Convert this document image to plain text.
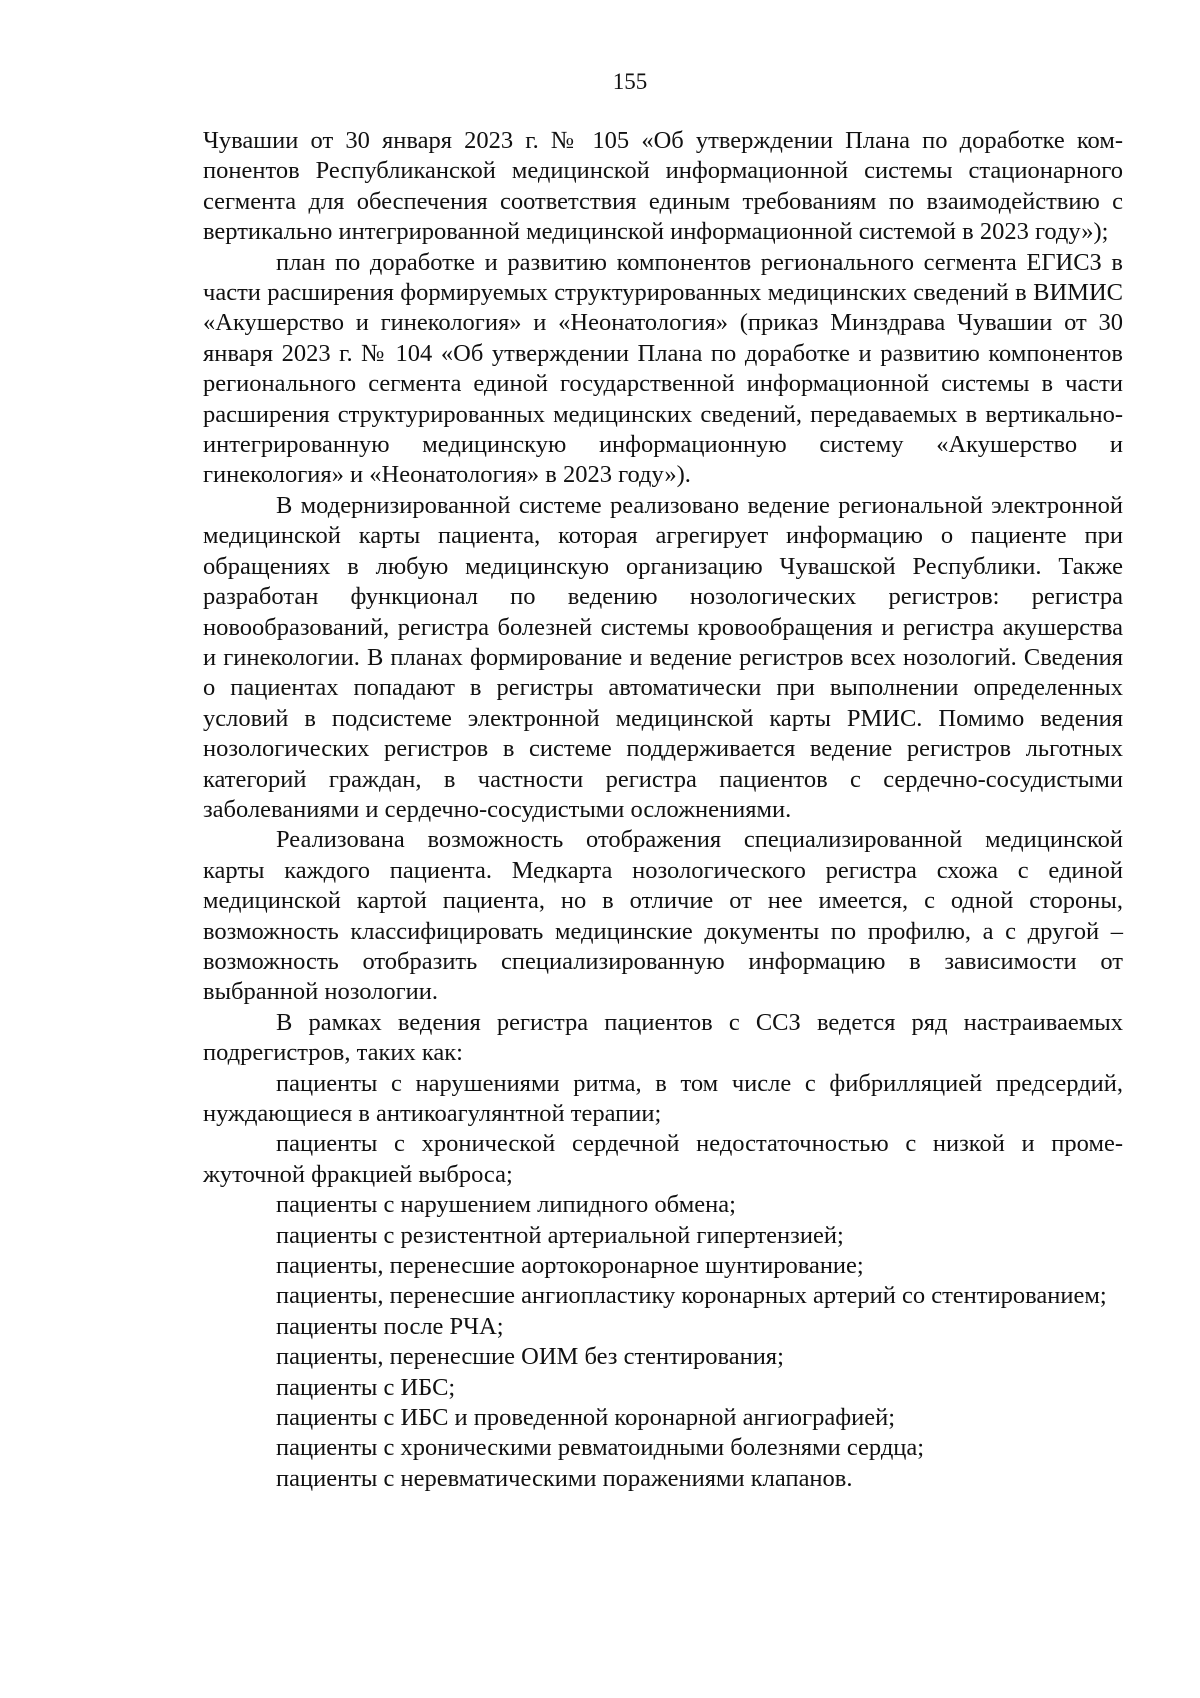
155

Чувашии от 30 января 2023 г. № 105 «Об утверждении Плана по доработке компонентов Республиканской медицинской информационной системы стационарного сегмента для обеспечения соответствия единым требованиям по взаимодействию с вертикально интегрированной медицинской информационной системой в 2023 году»);

план по доработке и развитию компонентов регионального сегмента ЕГИСЗ в части расширения формируемых структурированных медицинских сведений в ВИМИС «Акушерство и гинекология» и «Неонатология» (приказ Минздрава Чувашии от 30 января 2023 г. № 104 «Об утверждении Плана по доработке и развитию компонентов регионального сегмента единой государственной информационной системы в части расширения структурированных медицинских сведений, передаваемых в вертикально-интегрированную медицинскую информационную систему «Акушерство и гинекология» и «Неонатология» в 2023 году»).

В модернизированной системе реализовано ведение региональной электронной медицинской карты пациента, которая агрегирует информацию о пациенте при обращениях в любую медицинскую организацию Чувашской Республики. Также разработан функционал по ведению нозологических регистров: регистра новообразований, регистра болезней системы кровообращения и регистра акушерства и гинекологии. В планах формирование и ведение регистров всех нозологий. Сведения о пациентах попадают в регистры автоматически при выполнении определенных условий в подсистеме электронной медицинской карты РМИС. Помимо ведения нозологических регистров в системе поддерживается ведение регистров льготных категорий граждан, в частности регистра пациентов с сердечно-сосудистыми заболеваниями и сердечно-сосудистыми осложнениями.

Реализована возможность отображения специализированной медицинской карты каждого пациента. Медкарта нозологического регистра схожа с единой медицинской картой пациента, но в отличие от нее имеется, с одной стороны, возможность классифицировать медицинские документы по профилю, а с другой – возможность отобразить специализированную информацию в зависимости от выбранной нозологии.

В рамках ведения регистра пациентов с ССЗ ведется ряд настраиваемых подрегистров, таких как:

пациенты с нарушениями ритма, в том числе с фибрилляцией предсердий, нуждающиеся в антикоагулянтной терапии;

пациенты с хронической сердечной недостаточностью с низкой и промежуточной фракцией выброса;

пациенты с нарушением липидного обмена;

пациенты с резистентной артериальной гипертензией;

пациенты, перенесшие аортокоронарное шунтирование;

пациенты, перенесшие ангиопластику коронарных артерий со стентированием;

пациенты после РЧА;

пациенты, перенесшие ОИМ без стентирования;

пациенты с ИБС;

пациенты с ИБС и проведенной коронарной ангиографией;

пациенты с хроническими ревматоидными болезнями сердца;

пациенты с неревматическими поражениями клапанов.
